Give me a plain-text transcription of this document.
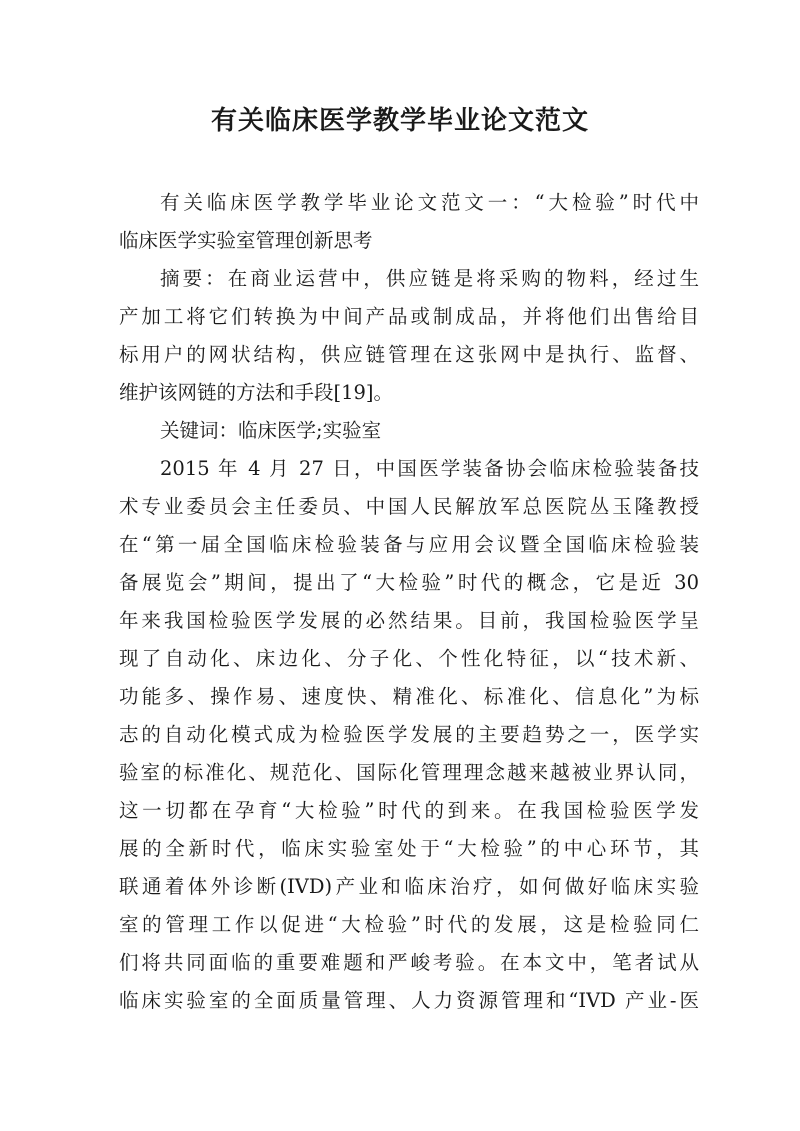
有关临床医学教学毕业论文范文
有关临床医学教学毕业论文范文一：“大检验”时代中
临床医学实验室管理创新思考
摘要：在商业运营中，供应链是将采购的物料，经过生
产加工将它们转换为中间产品或制成品，并将他们出售给目
标用户的网状结构，供应链管理在这张网中是执行、监督、
维护该网链的方法和手段[19]。
关键词：临床医学;实验室
2015 年 4 月 27 日，中国医学装备协会临床检验装备技
术专业委员会主任委员、中国人民解放军总医院丛玉隆教授
在“第一届全国临床检验装备与应用会议暨全国临床检验装
备展览会”期间，提出了“大检验”时代的概念，它是近 30
年来我国检验医学发展的必然结果。目前，我国检验医学呈
现了自动化、床边化、分子化、个性化特征，以“技术新、
功能多、操作易、速度快、精准化、标准化、信息化”为标
志的自动化模式成为检验医学发展的主要趋势之一，医学实
验室的标准化、规范化、国际化管理理念越来越被业界认同，
这一切都在孕育“大检验”时代的到来。在我国检验医学发
展的全新时代，临床实验室处于“大检验”的中心环节，其
联通着体外诊断(IVD)产业和临床治疗，如何做好临床实验
室的管理工作以促进“大检验”时代的发展，这是检验同仁
们将共同面临的重要难题和严峻考验。在本文中，笔者试从
临床实验室的全面质量管理、人力资源管理和“IVD 产业-医
